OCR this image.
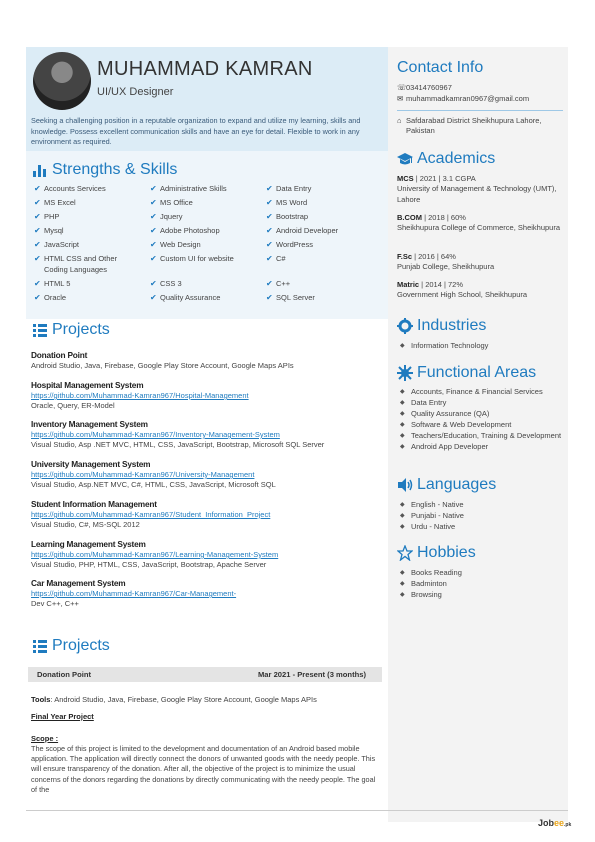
MUHAMMAD KAMRAN
UI/UX Designer
Seeking a challenging position in a reputable organization to expand and utilize my learning, skills and knowledge. Possess excellent communication skills and have an eye for detail. Flexible to work in any environment as required.
Strengths & Skills
✔ Accounts Services
✔ MS Excel
✔ PHP
✔ Mysql
✔ JavaScript
✔ HTML CSS and Other Coding Languages
✔ HTML 5
✔ Oracle
✔ Administrative Skills
✔ MS Office
✔ Jquery
✔ Adobe Photoshop
✔ Web Design
✔ Custom UI for website
✔ CSS 3
✔ Quality Assurance
✔ Data Entry
✔ MS Word
✔ Bootstrap
✔ Android Developer
✔ WordPress
✔ C#
✔ C++
✔ SQL Server
Projects
Donation Point
Android Studio, Java, Firebase, Google Play Store Account, Google Maps APIs
Hospital Management System
https://github.com/Muhammad-Kamran967/Hospital-Management
Oracle, Query, ER-Model
Inventory Management System
https://github.com/Muhammad-Kamran967/Inventory-Management-System
Visual Studio, Asp .NET MVC, HTML, CSS, JavaScript, Bootstrap, Microsoft SQL Server
University Management System
https://github.com/Muhammad-Kamran967/University-Management
Visual Studio, Asp.NET MVC, C#, HTML, CSS, JavaScript, Microsoft SQL
Student Information Management
https://github.com/Muhammad-Kamran967/Student_Information_Project
Visual Studio, C#, MS-SQL 2012
Learning Management System
https://github.com/Muhammad-Kamran967/Learning-Management-System
Visual Studio, PHP, HTML, CSS, JavaScript, Bootstrap, Apache Server
Car Management System
https://github.com/Muhammad-Kamran967/Car-Management-
Dev C++, C++
Projects
Donation Point	Mar 2021 - Present (3 months)
Tools: Android Studio, Java, Firebase, Google Play Store Account, Google Maps APIs
Final Year Project
Scope :
The scope of this project is limited to the development and documentation of an Android based mobile application. The application will directly connect the donors of unwanted goods with the needy people. This will ensure transparency of the donation. After all, the objective of the project is to minimize the usual concerns of the donors regarding the donations by directly communicating with the needy people. The goal of the
Contact Info
☏ 03414760967
✉ muhammadkamran0967@gmail.com
⌂ Safdarabad District Sheikhupura Lahore, Pakistan
Academics
MCS | 2021 | 3.1 CGPA
University of Management & Technology (UMT), Lahore
B.COM | 2018 | 60%
Sheikhupura College of Commerce, Sheikhupura
F.Sc | 2016 | 64%
Punjab College, Sheikhupura
Matric | 2014 | 72%
Government High School, Sheikhupura
Industries
◆ Information Technology
Functional Areas
◆ Accounts, Finance & Financial Services
◆ Data Entry
◆ Quality Assurance (QA)
◆ Software & Web Development
◆ Teachers/Education, Training & Development
◆ Android App Developer
Languages
◆ English - Native
◆ Punjabi - Native
◆ Urdu - Native
Hobbies
◆ Books Reading
◆ Badminton
◆ Browsing
Jobee.pk
